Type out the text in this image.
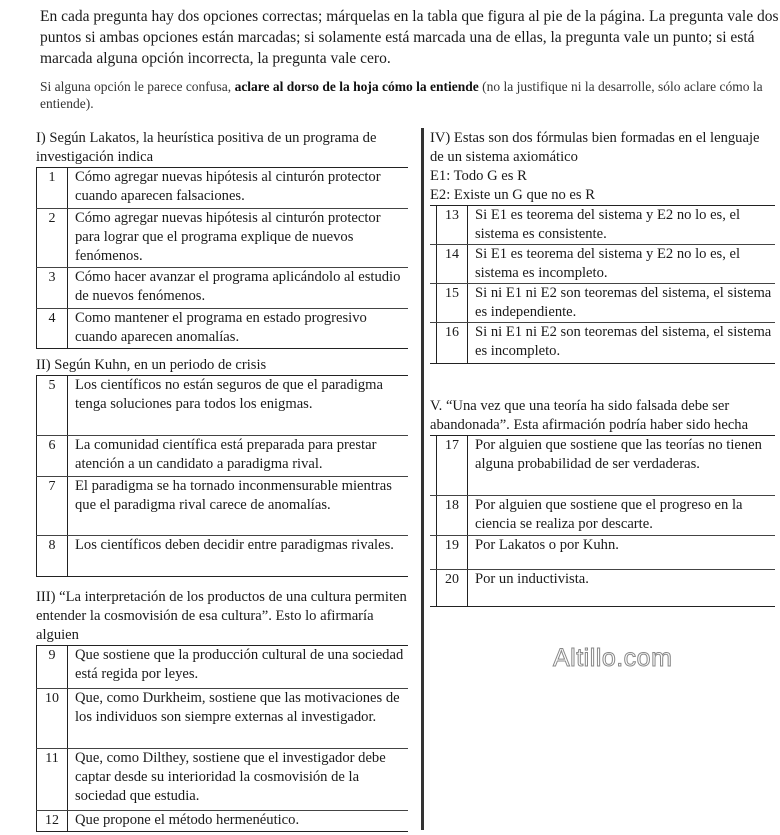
En cada pregunta hay dos opciones correctas; márquelas en la tabla que figura al pie de la página. La pregunta vale dos puntos si ambas opciones están marcadas; si solamente está marcada una de ellas, la pregunta vale un punto; si está marcada alguna opción incorrecta, la pregunta vale cero.
Si alguna opción le parece confusa, aclare al dorso de la hoja cómo la entiende (no la justifique ni la desarrolle, sólo aclare cómo la entiende).

I) Según Lakatos, la heurística positiva de un programa de investigación indica

1	Cómo agregar nuevas hipótesis al cinturón protector cuando aparecen falsaciones.
2	Cómo agregar nuevas hipótesis al cinturón protector para lograr que el programa explique de nuevos fenómenos.
3	Cómo hacer avanzar el programa aplicándolo al estudio de nuevos fenómenos.
4	Como mantener el programa en estado progresivo cuando aparecen anomalías.

II) Según Kuhn, en un periodo de crisis

5	Los científicos no están seguros de que el paradigma tenga soluciones para todos los enigmas.
6	La comunidad científica está preparada para prestar atención a un candidato a paradigma rival.
7	El paradigma se ha tornado inconmensurable mientras que el paradigma rival carece de anomalías.
8	Los científicos deben decidir entre paradigmas rivales.

III) “La interpretación de los productos de una cultura permiten entender la cosmovisión de esa cultura”. Esto lo afirmaría alguien

9	Que sostiene que la producción cultural de una sociedad está regida por leyes.
10	Que, como Durkheim, sostiene que las motivaciones de los individuos son siempre externas al investigador.
11	Que, como Dilthey, sostiene que el investigador debe captar desde su interioridad la cosmovisión de la sociedad que estudia.
12	Que propone el método hermenéutico.

IV) Estas son dos fórmulas bien formadas en el lenguaje de un sistema axiomático

E1: Todo G es R
E2: Existe un G que no es R
13	Si E1 es teorema del sistema y E2 no lo es, el sistema es consistente.
14	Si E1 es teorema del sistema y E2 no lo es, el sistema es incompleto.
15	Si ni E1 ni E2 son teoremas del sistema, el sistema es independiente.
16	Si ni E1 ni E2 son teoremas del sistema, el sistema es incompleto.

V. “Una vez que una teoría ha sido falsada debe ser abandonada”. Esta afirmación podría haber sido hecha

17	Por alguien que sostiene que las teorías no tienen alguna probabilidad de ser verdaderas.
18	Por alguien que sostiene que el progreso en la ciencia se realiza por descarte.
19	Por Lakatos o por Kuhn.
20	Por un inductivista.
Altillo.com
